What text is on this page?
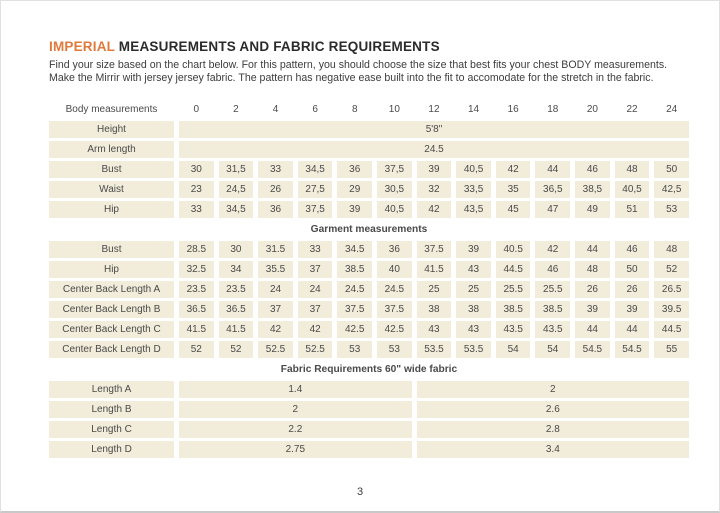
IMPERIAL MEASUREMENTS AND FABRIC REQUIREMENTS

Find your size based on the chart below. For this pattern, you should choose the size that best fits your chest BODY measurements.
Make the Mirrir with jersey jersey fabric. The pattern has negative ease built into the fit to accomodate for the stretch in the fabric.

Body measurements	0	2	4	6	8	10	12	14	16	18	20	22	24
Height	5'8"												
Arm length	24.5												
Bust	30	31,5	33	34,5	36	37,5	39	40,5	42	44	46	48	50
Waist	23	24,5	26	27,5	29	30,5	32	33,5	35	36,5	38,5	40,5	42,5
Hip	33	34,5	36	37,5	39	40,5	42	43,5	45	47	49	51	53
Garment measurements													
Bust	28.5	30	31.5	33	34.5	36	37.5	39	40.5	42	44	46	48
Hip	32.5	34	35.5	37	38.5	40	41.5	43	44.5	46	48	50	52
Center Back Length A	23.5	23.5	24	24	24.5	24.5	25	25	25.5	25.5	26	26	26.5
Center Back Length B	36.5	36.5	37	37	37.5	37.5	38	38	38.5	38.5	39	39	39.5
Center Back Length C	41.5	41.5	42	42	42.5	42.5	43	43	43.5	43.5	44	44	44.5
Center Back Length D	52	52	52.5	52.5	53	53	53.5	53.5	54	54	54.5	54.5	55
Fabric Requirements 60" wide fabric													
Length A	1.4						2						
Length B	2						2.6						
Length C	2.2						2.8						
Length D	2.75						3.4						
3
